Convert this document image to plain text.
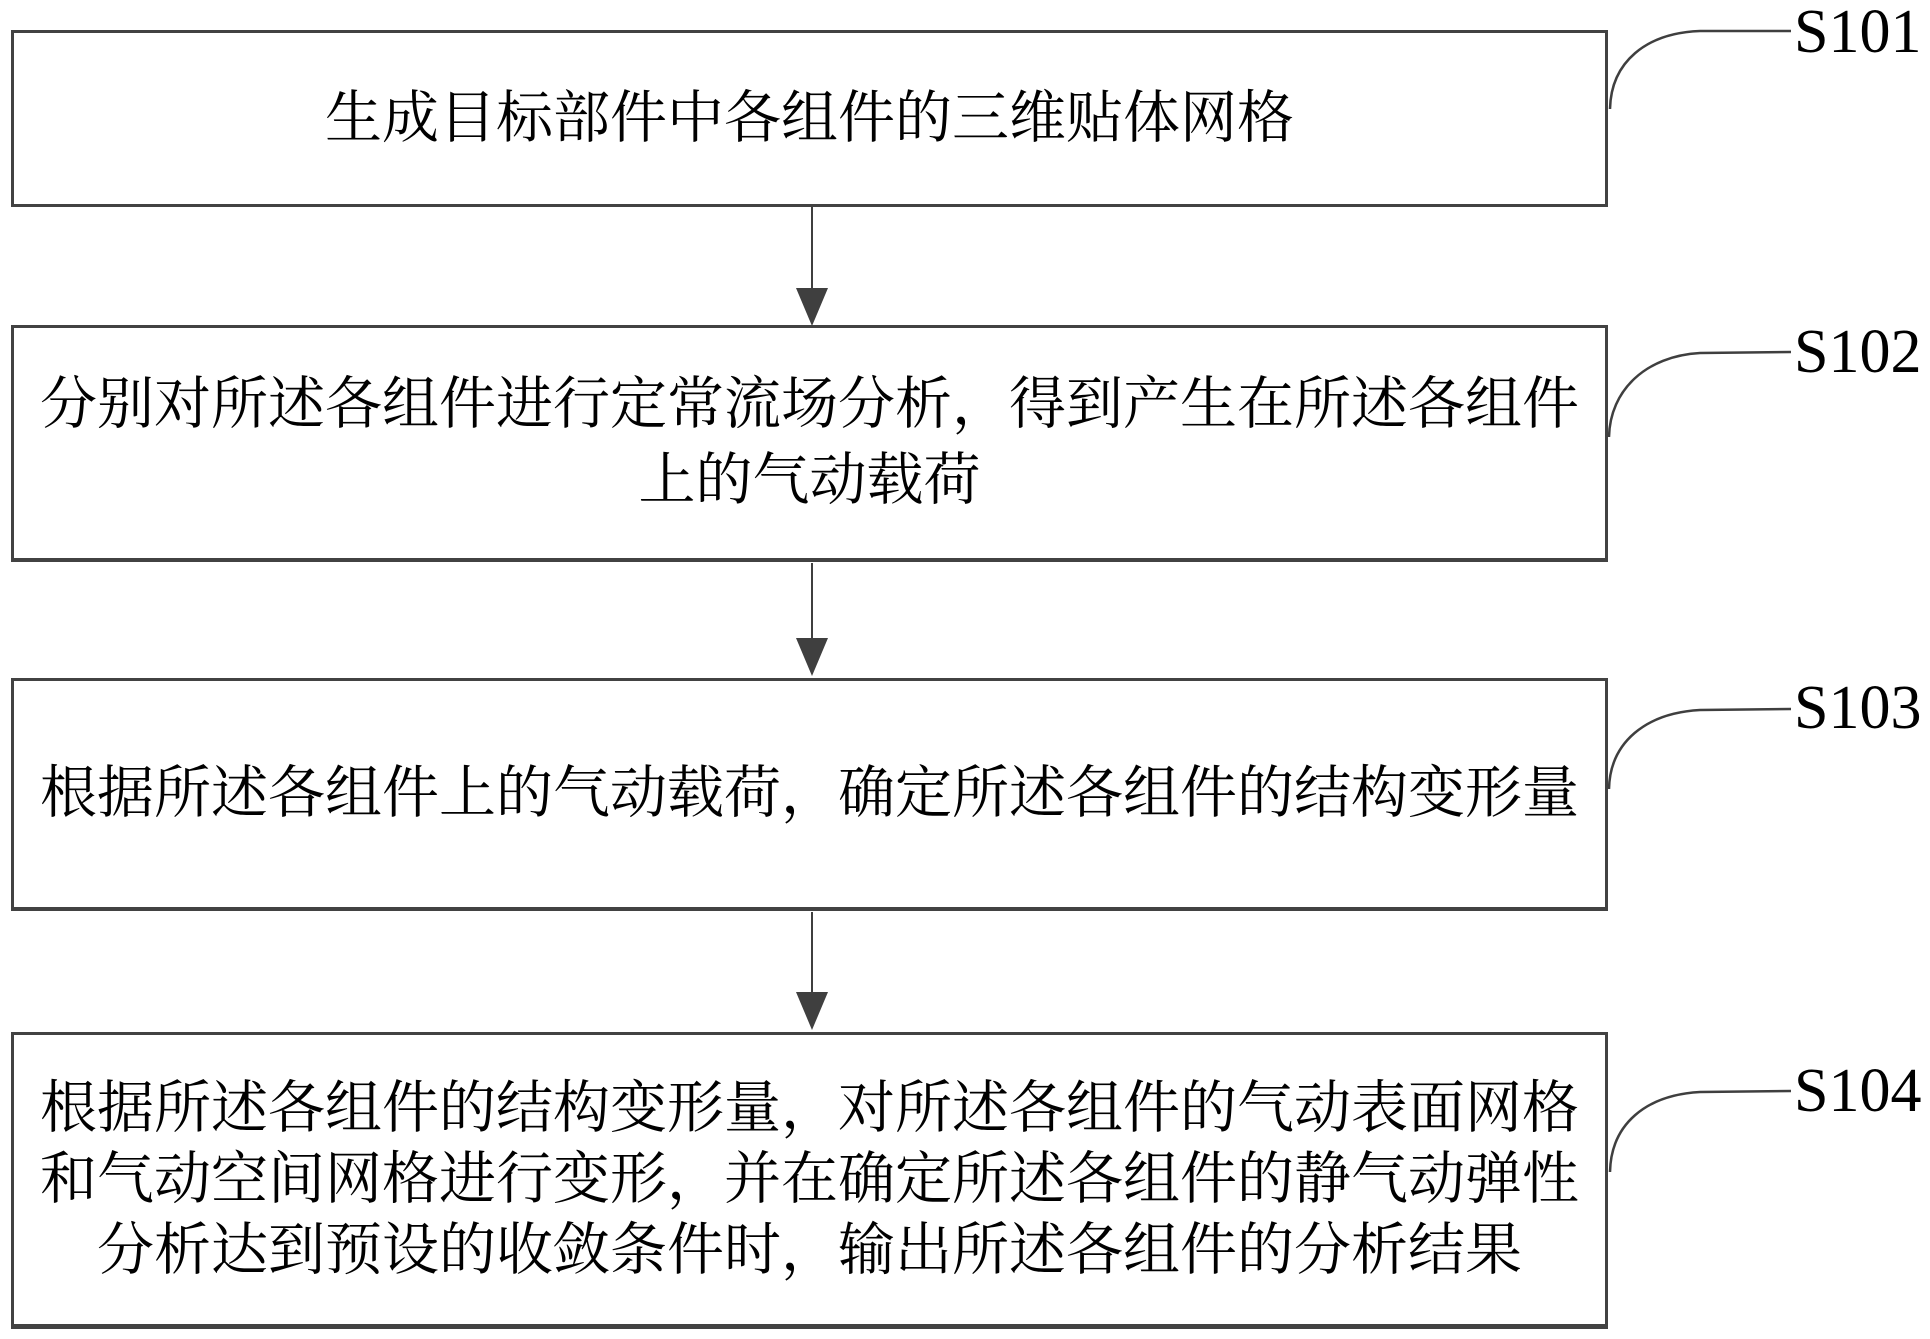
生成目标部件中各组件的三维贴体网格
分别对所述各组件进行定常流场分析，得到产生在所述各组件
上的气动载荷
根据所述各组件上的气动载荷，确定所述各组件的结构变形量
根据所述各组件的结构变形量，对所述各组件的气动表面网格
和气动空间网格进行变形，并在确定所述各组件的静气动弹性
分析达到预设的收敛条件时，输出所述各组件的分析结果
S101
S102
S103
S104
